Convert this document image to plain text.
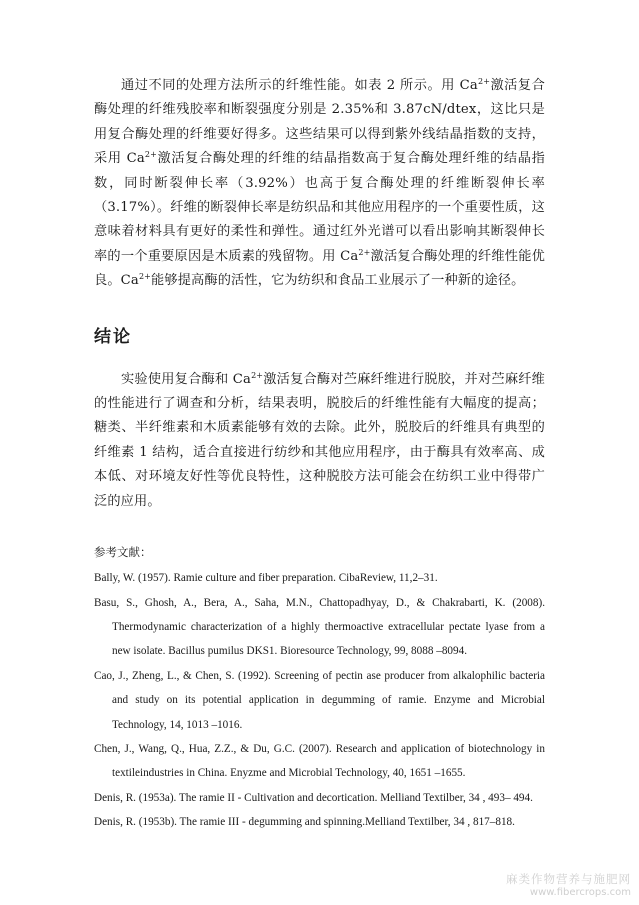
通过不同的处理方法所示的纤维性能。如表 2 所示。用 $Ca^{2+}$激活复合酶处理的纤维残胶率和断裂强度分别是 2.35%和 3.87cN/dtex，这比只是用复合酶处理的纤维要好得多。这些结果可以得到紫外线结晶指数的支持，采用 $Ca^{2+}$激活复合酶处理的纤维的结晶指数高于复合酶处理纤维的结晶指数，同时断裂伸长率（3.92%）也高于复合酶处理的纤维断裂伸长率（3.17%）。纤维的断裂伸长率是纺织品和其他应用程序的一个重要性质，这意味着材料具有更好的柔性和弹性。通过红外光谱可以看出影响其断裂伸长率的一个重要原因是木质素的残留物。用 $Ca^{2+}$激活复合酶处理的纤维性能优良。$Ca^{2+}$能够提高酶的活性，它为纺织和食品工业展示了一种新的途径。

结论

实验使用复合酶和 $Ca^{2+}$激活复合酶对苎麻纤维进行脱胶，并对苎麻纤维的性能进行了调查和分析，结果表明，脱胶后的纤维性能有大幅度的提高；糖类、半纤维素和木质素能够有效的去除。此外，脱胶后的纤维具有典型的纤维素 1 结构，适合直接进行纺纱和其他应用程序，由于酶具有效率高、成本低、对环境友好性等优良特性，这种脱胶方法可能会在纺织工业中得带广泛的应用。

参考文献：
Bally, W. (1957). Ramie culture and fiber preparation. CibaReview, 11,2–31.
Basu, S., Ghosh, A., Bera, A., Saha, M.N., Chattopadhyay, D., & Chakrabarti, K. (2008). Thermodynamic characterization of a highly thermoactive extracellular pectate lyase from a new isolate. Bacillus pumilus DKS1. Bioresource Technology, 99, 8088 –8094.
Cao, J., Zheng, L., & Chen, S. (1992). Screening of pectin ase producer from alkalophilic bacteria and study on its potential application in degumming of ramie. Enzyme and Microbial Technology, 14, 1013 –1016.
Chen, J., Wang, Q., Hua, Z.Z., & Du, G.C. (2007). Research and application of biotechnology in textileindustries in China. Enyzme and Microbial Technology, 40, 1651 –1655.
Denis, R. (1953a). The ramie II - Cultivation and decortication. Melliand Textilber, 34 , 493– 494.
Denis, R. (1953b). The ramie III - degumming and spinning.Melliand Textilber, 34 , 817–818.
麻类作物营养与施肥网
www.fibercrops.com
